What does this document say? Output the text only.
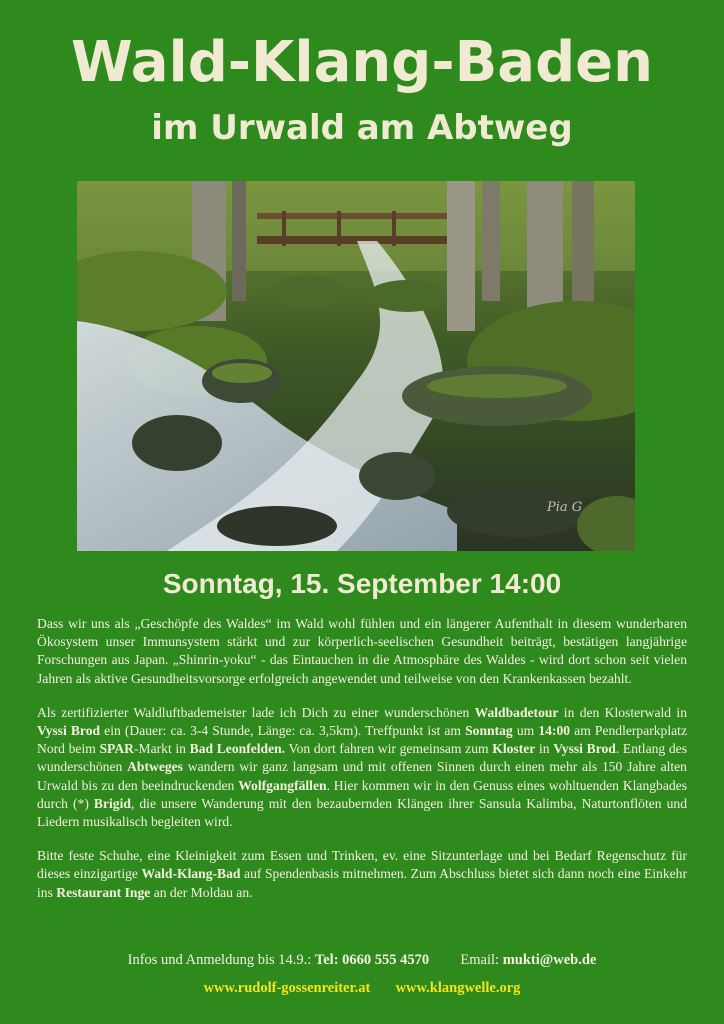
Wald-Klang-Baden
im Urwald am Abtweg
Pia G
Sonntag, 15. September 14:00

Dass wir uns als „Geschöpfe des Waldes“ im Wald wohl fühlen und ein längerer Aufenthalt in diesem wunderbaren Ökosystem unser Immunsystem stärkt und zur körperlich-seelischen Gesundheit beiträgt, bestätigen langjährige Forschungen aus Japan. „Shinrin-yoku“ - das Eintauchen in die Atmosphäre des Waldes - wird dort schon seit vielen Jahren als aktive Gesundheitsvorsorge erfolgreich angewendet und teilweise von den Krankenkassen bezahlt.

Als zertifizierter Waldluftbademeister lade ich Dich zu einer wunderschönen Waldbadetour in den Klosterwald in Vyssi Brod ein (Dauer: ca. 3-4 Stunde, Länge: ca. 3,5km). Treffpunkt ist am Sonntag um 14:00 am Pendlerparkplatz Nord beim SPAR-Markt in Bad Leonfelden. Von dort fahren wir gemeinsam zum Kloster in Vyssi Brod. Entlang des wunderschönen Abtweges wandern wir ganz langsam und mit offenen Sinnen durch einen mehr als 150 Jahre alten Urwald bis zu den beeindruckenden Wolfgangfällen. Hier kommen wir in den Genuss eines wohltuenden Klangbades durch (*) Brigid, die unsere Wanderung mit den bezaubernden Klängen ihrer Sansula Kalimba, Naturtonflöten und Liedern musikalisch begleiten wird.

Bitte feste Schuhe, eine Kleinigkeit zum Essen und Trinken, ev. eine Sitzunterlage und bei Bedarf Regenschutz für dieses einzigartige Wald-Klang-Bad auf Spendenbasis mitnehmen. Zum Abschluss bietet sich dann noch eine Einkehr ins Restaurant Inge an der Moldau an.

Infos und Anmeldung bis 14.9.: Tel: 0660 555 4570 Email: mukti@web.de
www.rudolf-gossenreiter.at www.klangwelle.org
